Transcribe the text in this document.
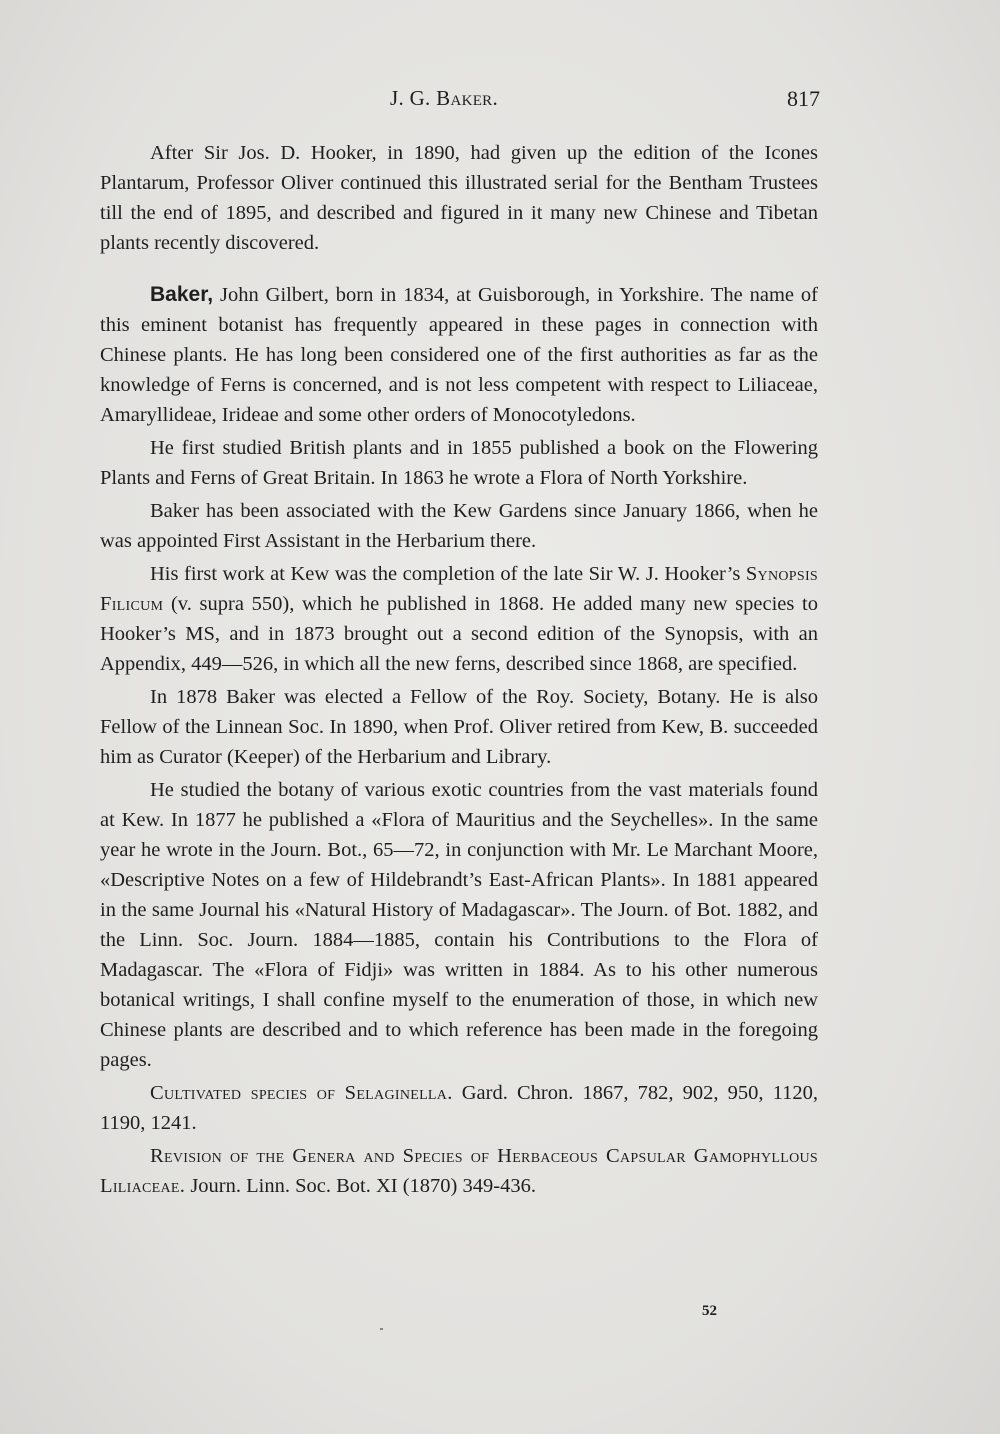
J. G. Baker.	817

After Sir Jos. D. Hooker, in 1890, had given up the edition of the Icones Plantarum, Professor Oliver continued this illustrated serial for the Bentham Trustees till the end of 1895, and described and figured in it many new Chinese and Tibetan plants recently discovered.

Baker, John Gilbert, born in 1834, at Guisborough, in Yorkshire. The name of this eminent botanist has frequently appeared in these pages in connection with Chinese plants. He has long been considered one of the first authorities as far as the knowledge of Ferns is concerned, and is not less competent with respect to Liliaceae, Amaryllideae, Irideae and some other orders of Monocotyledons.

He first studied British plants and in 1855 published a book on the Flowering Plants and Ferns of Great Britain. In 1863 he wrote a Flora of North Yorkshire.

Baker has been associated with the Kew Gardens since January 1866, when he was appointed First Assistant in the Herbarium there.

His first work at Kew was the completion of the late Sir W. J. Hooker’s Synopsis Filicum (v. supra 550), which he published in 1868. He added many new species to Hooker’s MS, and in 1873 brought out a second edition of the Synopsis, with an Appendix, 449—526, in which all the new ferns, described since 1868, are specified.

In 1878 Baker was elected a Fellow of the Roy. Society, Botany. He is also Fellow of the Linnean Soc. In 1890, when Prof. Oliver retired from Kew, B. succeeded him as Curator (Keeper) of the Herbarium and Library.

He studied the botany of various exotic countries from the vast materials found at Kew. In 1877 he published a «Flora of Mauritius and the Seychelles». In the same year he wrote in the Journ. Bot., 65—72, in conjunction with Mr. Le Marchant Moore, «Descriptive Notes on a few of Hildebrandt’s East-African Plants». In 1881 appeared in the same Journal his «Natural History of Madagascar». The Journ. of Bot. 1882, and the Linn. Soc. Journ. 1884—1885, contain his Contributions to the Flora of Madagascar. The «Flora of Fidji» was written in 1884. As to his other numerous botanical writings, I shall confine myself to the enumeration of those, in which new Chinese plants are described and to which reference has been made in the foregoing pages.

Cultivated species of Selaginella. Gard. Chron. 1867, 782, 902, 950, 1120, 1190, 1241.

Revision of the Genera and Species of Herbaceous Capsular Gamophyllous Liliaceae. Journ. Linn. Soc. Bot. XI (1870) 349-436.

52
